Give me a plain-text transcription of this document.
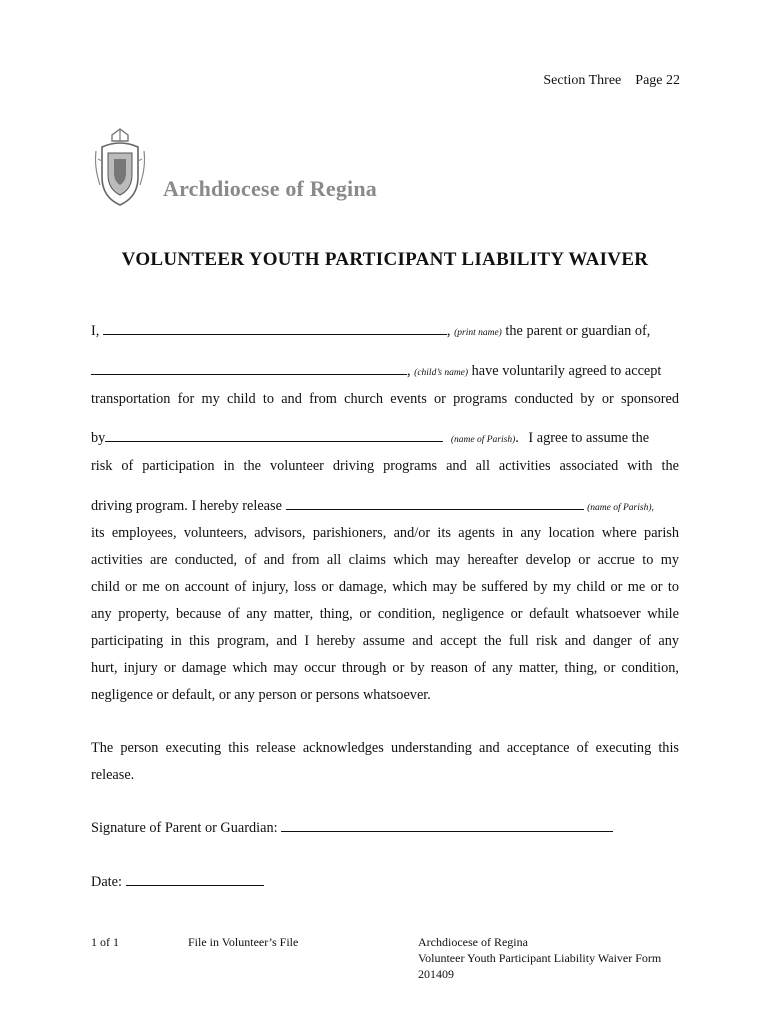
Section Three Page 22
Archdiocese of Regina
VOLUNTEER YOUTH PARTICIPANT LIABILITY WAIVER
I,	, (print name) the parent or guardian of,
, (child’s name) have voluntarily agreed to accept
transportation for my child to and from church events or programs conducted by or sponsored
by	(name of Parish). I agree to assume the
risk of participation in the volunteer driving programs and all activities associated with the
driving program. I hereby release	(name of Parish),
its employees, volunteers, advisors, parishioners, and/or its agents in any location where parish
activities are conducted, of and from all claims which may hereafter develop or accrue to my
child or me on account of injury, loss or damage, which may be suffered by my child or me or to
any property, because of any matter, thing, or condition, negligence or default whatsoever while
participating in this program, and I hereby assume and accept the full risk and danger of any
hurt, injury or damage which may occur through or by reason of any matter, thing, or condition,
negligence or default, or any person or persons whatsoever.
The person executing this release acknowledges understanding and acceptance of executing this
release.
Signature of Parent or Guardian:
Date:
1 of 1	File in Volunteer’s File	Archdiocese of Regina
Volunteer Youth Participant Liability Waiver Form
201409
